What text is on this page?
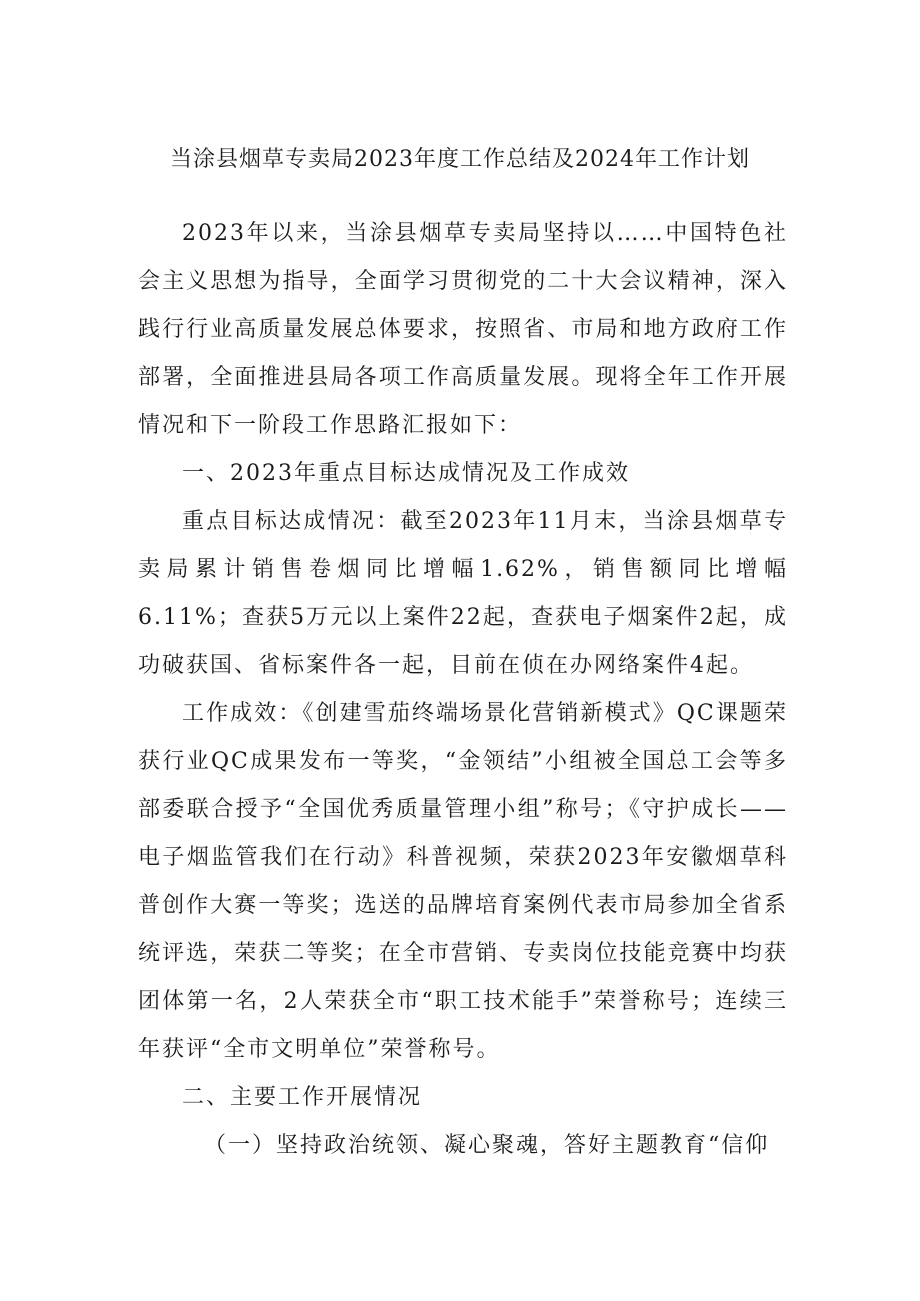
当涂县烟草专卖局2023年度工作总结及2024年工作计划

2023年以来，当涂县烟草专卖局坚持以……中国特色社会主义思想为指导，全面学习贯彻党的二十大会议精神，深入践行行业高质量发展总体要求，按照省、市局和地方政府工作部署，全面推进县局各项工作高质量发展。现将全年工作开展情况和下一阶段工作思路汇报如下：

一、2023年重点目标达成情况及工作成效

重点目标达成情况：截至2023年11月末，当涂县烟草专卖局累计销售卷烟同比增幅1.62%，销售额同比增幅6.11%；查获5万元以上案件22起，查获电子烟案件2起，成功破获国、省标案件各一起，目前在侦在办网络案件4起。

工作成效：《创建雪茄终端场景化营销新模式》QC课题荣获行业QC成果发布一等奖，“金领结”小组被全国总工会等多部委联合授予“全国优秀质量管理小组”称号；《守护成长——电子烟监管我们在行动》科普视频，荣获2023年安徽烟草科普创作大赛一等奖；选送的品牌培育案例代表市局参加全省系统评选，荣获二等奖；在全市营销、专卖岗位技能竞赛中均获团体第一名，2人荣获全市“职工技术能手”荣誉称号；连续三年获评“全市文明单位”荣誉称号。

二、主要工作开展情况

（一）坚持政治统领、凝心聚魂，答好主题教育“信仰
